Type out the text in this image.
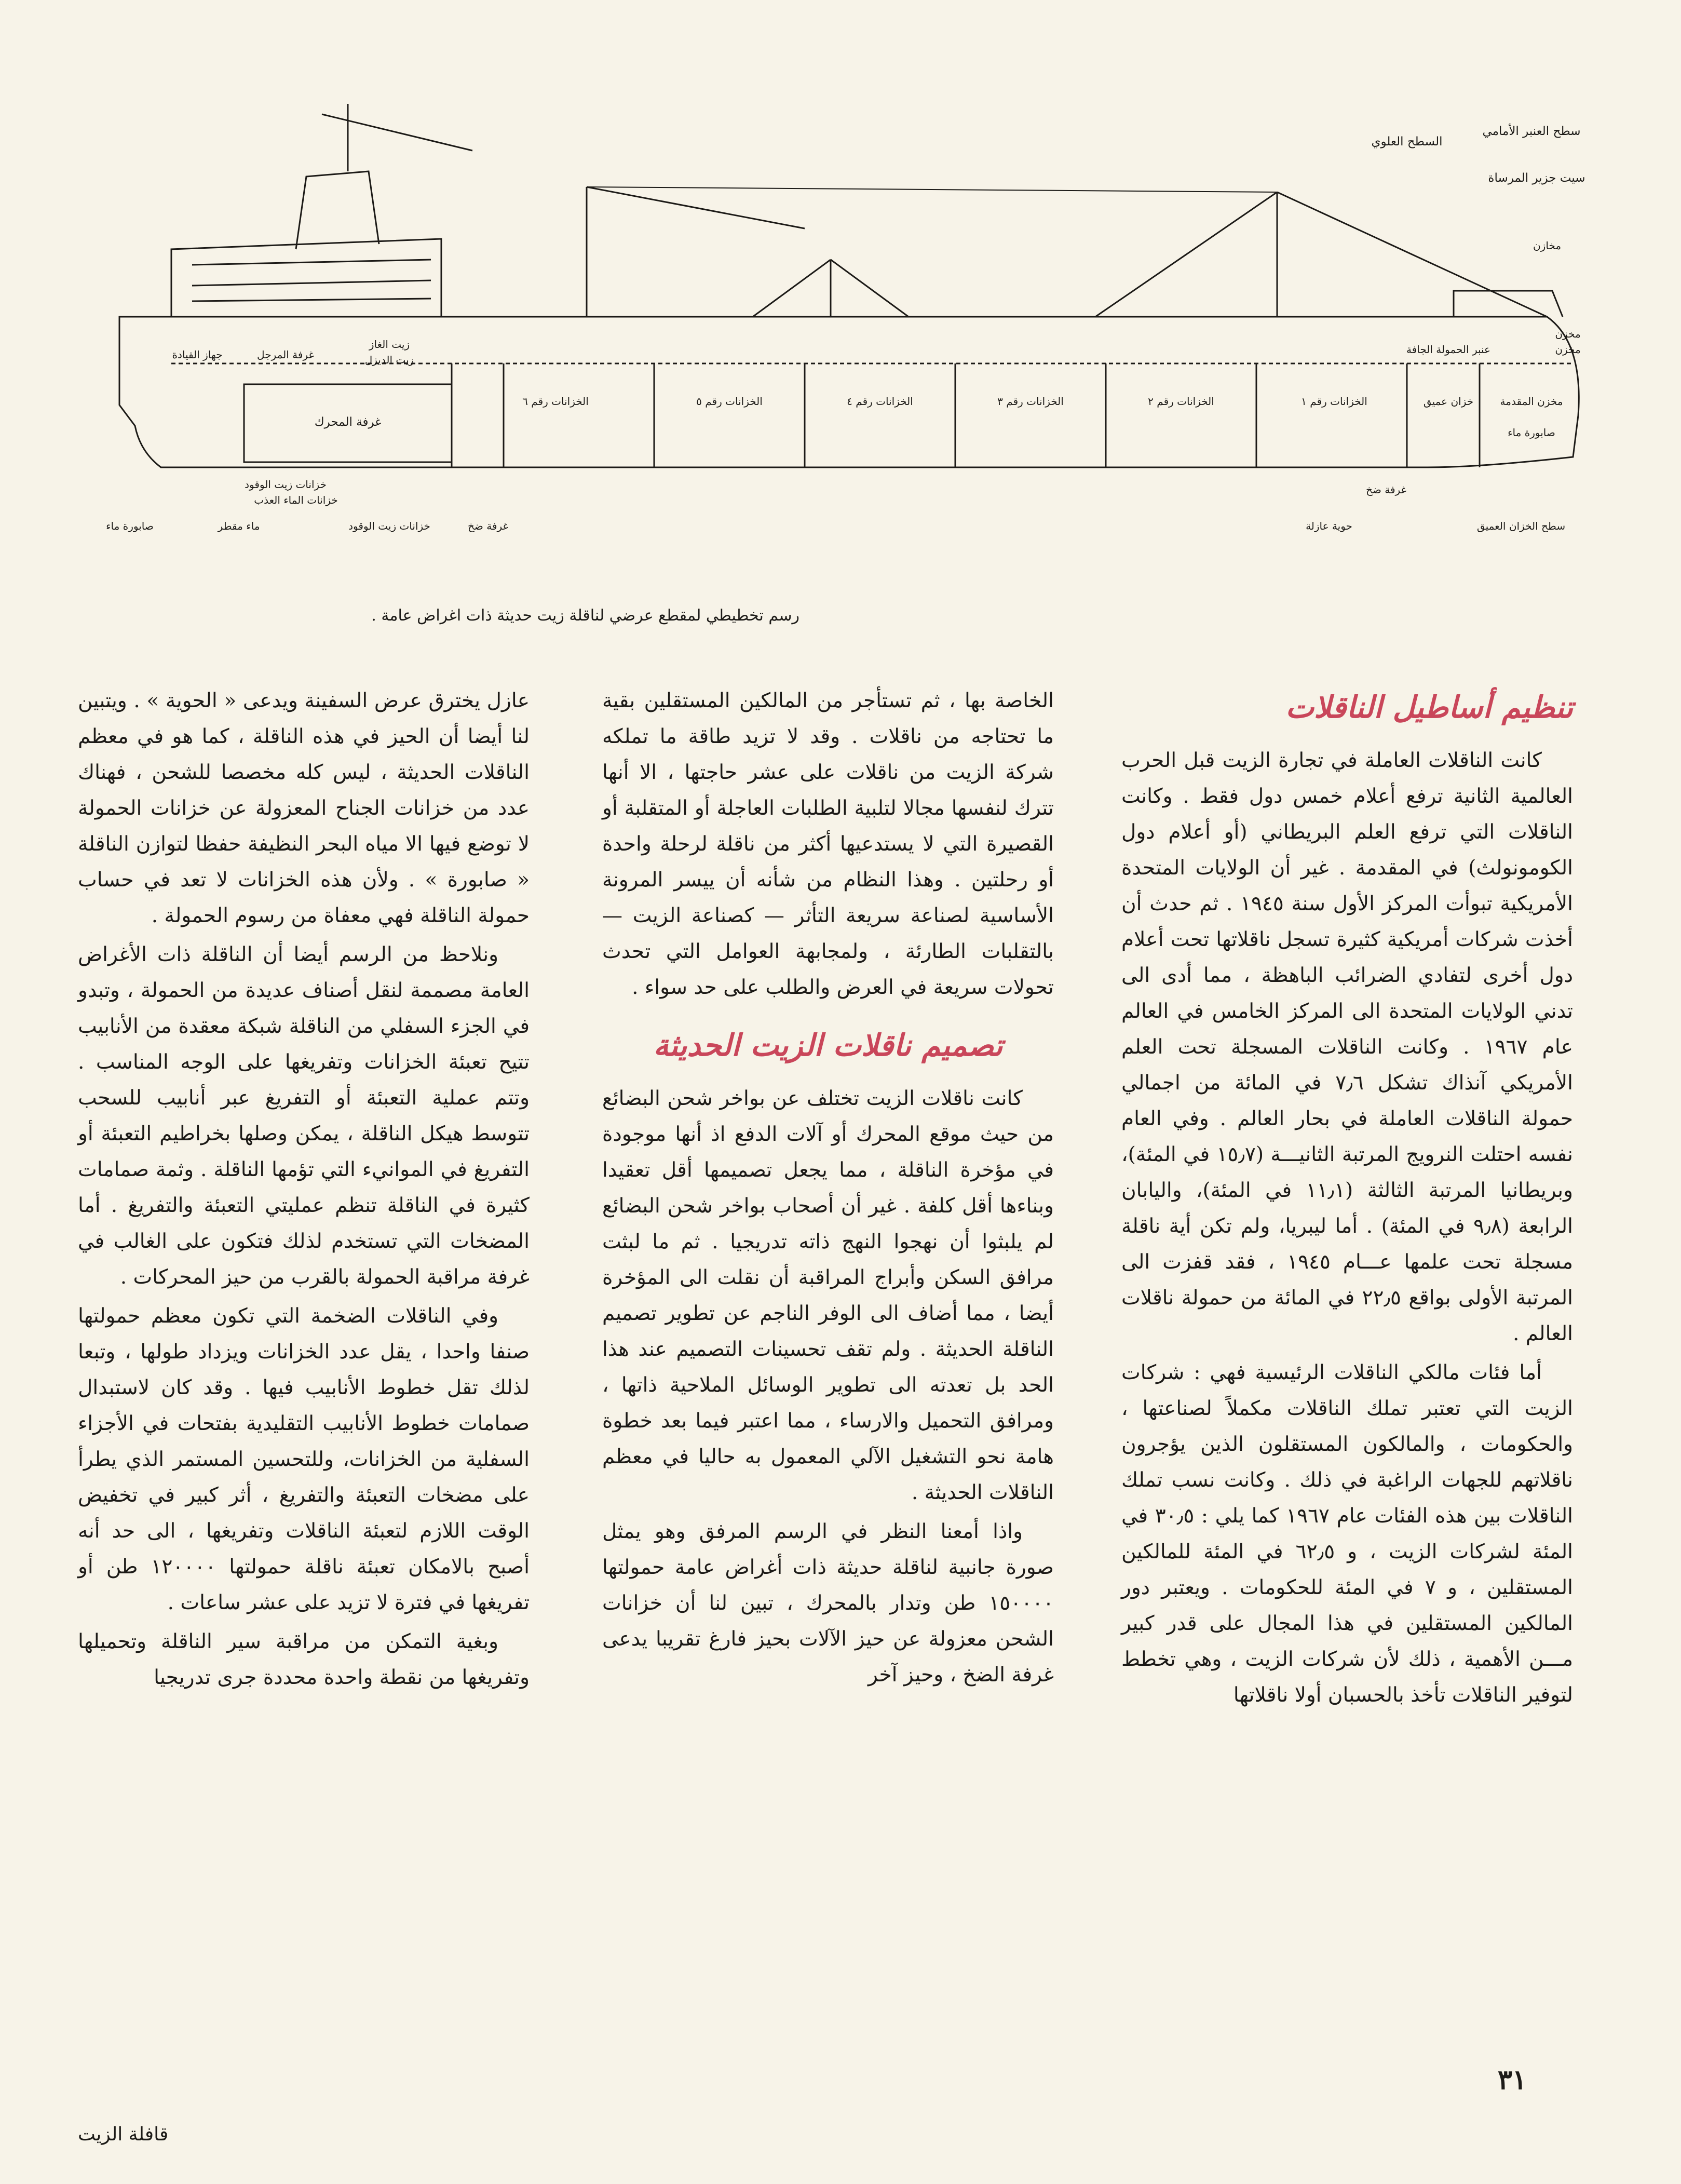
سطح العنبر الأمامي
السطح العلوي
سيت جزير المرساة
مخازن
مخزن
مخزن
عنبر الحمولة الجافة
خزان عميق	مخزن المقدمة
صابورة ماء
الخزانات رقم ١
الخزانات رقم ٢
الخزانات رقم ٣
الخزانات رقم ٤
الخزانات رقم ٥
الخزانات رقم ٦
غرفة المحرك
جهاز القيادة	غرفة المرجل
زيت الغاز
زيت الديزل
خزانات زيت الوقود
خزانات الماء العذب
صابورة ماء	ماء مقطر	خزانات زيت الوقود	غرفة ضخ
غرفة ضخ
حوية عازلة	سطح الخزان العميق
رسم تخطيطي لمقطع عرضي لناقلة زيت حديثة ذات اغراض عامة .
تنظيم أساطيل الناقلات

كانت الناقلات العاملة في تجارة الزيت قبل الحرب العالمية الثانية ترفع أعلام خمس دول فقط . وكانت الناقلات التي ترفع العلم البريطاني (أو أعلام دول الكومونولث) في المقدمة . غير أن الولايات المتحدة الأمريكية تبوأت المركز الأول سنة ١٩٤٥ . ثم حدث أن أخذت شركات أمريكية كثيرة تسجل ناقلاتها تحت أعلام دول أخرى لتفادي الضرائب الباهظة ، مما أدى الى تدني الولايات المتحدة الى المركز الخامس في العالم عام ١٩٦٧ . وكانت الناقلات المسجلة تحت العلم الأمريكي آنذاك تشكل ٧٫٦ في المائة من اجمالي حمولة الناقلات العاملة في بحار العالم . وفي العام نفسه احتلت النرويج المرتبة الثانيـــة (١٥٫٧ في المئة)، وبريطانيا المرتبة الثالثة (١١٫١ في المئة)، واليابان الرابعة (٩٫٨ في المئة) . أما ليبريا، ولم تكن أية ناقلة مسجلة تحت علمها عـــام ١٩٤٥ ، فقد قفزت الى المرتبة الأولى بواقع ٢٢٫٥ في المائة من حمولة ناقلات العالم .

أما فئات مالكي الناقلات الرئيسية فهي : شركات الزيت التي تعتبر تملك الناقلات مكملاً لصناعتها ، والحكومات ، والمالكون المستقلون الذين يؤجرون ناقلاتهم للجهات الراغبة في ذلك . وكانت نسب تملك الناقلات بين هذه الفئات عام ١٩٦٧ كما يلي : ٣٠٫٥ في المئة لشركات الزيت ، و ٦٢٫٥ في المئة للمالكين المستقلين ، و ٧ في المئة للحكومات . ويعتبر دور المالكين المستقلين في هذا المجال على قدر كبير مـــن الأهمية ، ذلك لأن شركات الزيت ، وهي تخطط لتوفير الناقلات تأخذ بالحسبان أولا ناقلاتها

الخاصة بها ، ثم تستأجر من المالكين المستقلين بقية ما تحتاجه من ناقلات . وقد لا تزيد طاقة ما تملكه شركة الزيت من ناقلات على عشر حاجتها ، الا أنها تترك لنفسها مجالا لتلبية الطلبات العاجلة أو المتقلبة أو القصيرة التي لا يستدعيها أكثر من ناقلة لرحلة واحدة أو رحلتين . وهذا النظام من شأنه أن ييسر المرونة الأساسية لصناعة سريعة التأثر — كصناعة الزيت — بالتقلبات الطارئة ، ولمجابهة العوامل التي تحدث تحولات سريعة في العرض والطلب على حد سواء .

تصميم ناقلات الزيت الحديثة

كانت ناقلات الزيت تختلف عن بواخر شحن البضائع من حيث موقع المحرك أو آلات الدفع اذ أنها موجودة في مؤخرة الناقلة ، مما يجعل تصميمها أقل تعقيدا وبناءها أقل كلفة . غير أن أصحاب بواخر شحن البضائع لم يلبثوا أن نهجوا النهج ذاته تدريجيا . ثم ما لبثت مرافق السكن وأبراج المراقبة أن نقلت الى المؤخرة أيضا ، مما أضاف الى الوفر الناجم عن تطوير تصميم الناقلة الحديثة . ولم تقف تحسينات التصميم عند هذا الحد بل تعدته الى تطوير الوسائل الملاحية ذاتها ، ومرافق التحميل والارساء ، مما اعتبر فيما بعد خطوة هامة نحو التشغيل الآلي المعمول به حاليا في معظم الناقلات الحديثة .

واذا أمعنا النظر في الرسم المرفق وهو يمثل صورة جانبية لناقلة حديثة ذات أغراض عامة حمولتها ١٥٠٠٠٠ طن وتدار بالمحرك ، تبين لنا أن خزانات الشحن معزولة عن حيز الآلات بحيز فارغ تقريبا يدعى غرفة الضخ ، وحيز آخر

عازل يخترق عرض السفينة ويدعى « الحوية » . ويتبين لنا أيضا أن الحيز في هذه الناقلة ، كما هو في معظم الناقلات الحديثة ، ليس كله مخصصا للشحن ، فهناك عدد من خزانات الجناح المعزولة عن خزانات الحمولة لا توضع فيها الا مياه البحر النظيفة حفظا لتوازن الناقلة « صابورة » . ولأن هذه الخزانات لا تعد في حساب حمولة الناقلة فهي معفاة من رسوم الحمولة .

ونلاحظ من الرسم أيضا أن الناقلة ذات الأغراض العامة مصممة لنقل أصناف عديدة من الحمولة ، وتبدو في الجزء السفلي من الناقلة شبكة معقدة من الأنابيب تتيح تعبئة الخزانات وتفريغها على الوجه المناسب . وتتم عملية التعبئة أو التفريغ عبر أنابيب للسحب تتوسط هيكل الناقلة ، يمكن وصلها بخراطيم التعبئة أو التفريغ في الموانيء التي تؤمها الناقلة . وثمة صمامات كثيرة في الناقلة تنظم عمليتي التعبئة والتفريغ . أما المضخات التي تستخدم لذلك فتكون على الغالب في غرفة مراقبة الحمولة بالقرب من حيز المحركات .

وفي الناقلات الضخمة التي تكون معظم حمولتها صنفا واحدا ، يقل عدد الخزانات ويزداد طولها ، وتبعا لذلك تقل خطوط الأنابيب فيها . وقد كان لاستبدال صمامات خطوط الأنابيب التقليدية بفتحات في الأجزاء السفلية من الخزانات، وللتحسين المستمر الذي يطرأ على مضخات التعبئة والتفريغ ، أثر كبير في تخفيض الوقت اللازم لتعبئة الناقلات وتفريغها ، الى حد أنه أصبح بالامكان تعبئة ناقلة حمولتها ١٢٠٠٠٠ طن أو تفريغها في فترة لا تزيد على عشر ساعات .

وبغية التمكن من مراقبة سير الناقلة وتحميلها وتفريغها من نقطة واحدة محددة جرى تدريجيا

٣١
قافلة الزيت
